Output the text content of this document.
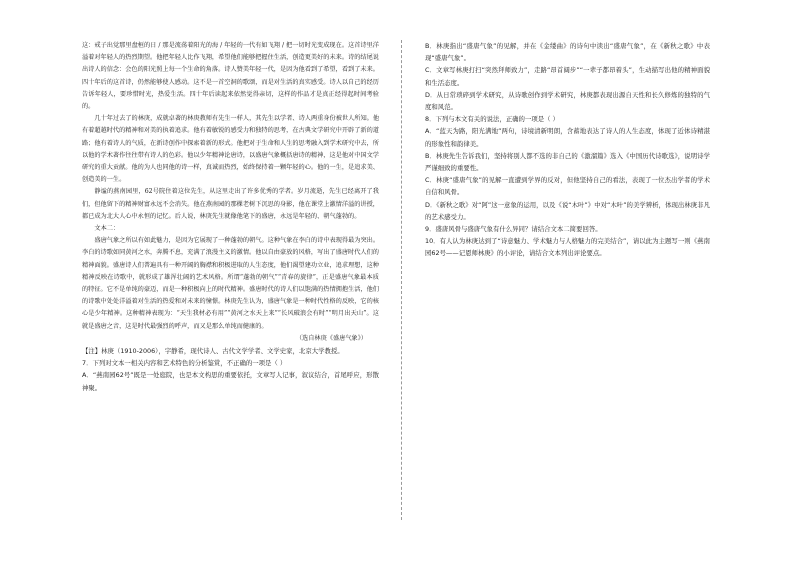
这：戒子出觉那里盘桓的日 / 那是流荡着阳光的海 / 年轻的一代有如飞翔 / 把一切时光变成现在。这首诗里洋溢着对年轻人的热烈期望。他把年轻人比作飞翔，希望他们能够把握住生活，创造更美好的未来。诗的结尾说出诗人的信念：会色的阳光照上每一个生命的角落。诗人赞美年轻一代，是因为他看到了希望，看到了未来。四十年后的这首诗，仍然能够使人感动。这不是一首空洞的歌颂，而是对生活的真实感受。诗人以自己的经历告诉年轻人，要珍惜时光，热爱生活。四十年后读起来依然觉得亲切，这样的作品才是真正经得起时间考验的。

几十年过去了的林庚，成就卓著的林庚教师有先生一样人，其先生以学者、诗人两重身份被世人所知。他有着超越时代的精神和对美的执着追求。他有着敏锐的感受力和独特的思考，在古典文学研究中开辟了新的道路；他有着诗人的气质，在新诗创作中探索着新的形式。他把对于生命和人生的思考融入到学术研究中去，所以他的学术著作往往带有诗人的色彩。他以少年精神论唐诗，以盛唐气象概括唐诗的精神，这是他对中国文学研究的重大贡献。他的为人也同他的诗一样，真诚而热烈，始终保持着一颗年轻的心。他的一生，是追求美、创造美的一生。

静谧的燕南园里，62号院住着这位先生，从这里走出了许多优秀的学者。岁月流逝，先生已经离开了我们，但他留下的精神财富永远不会消失。他在燕南园的那棵老树下沉思的身影，他在课堂上激情洋溢的讲授，都已成为北大人心中永恒的记忆。后人说，林庚先生就像他笔下的盛唐，永远是年轻的、朝气蓬勃的。

文本二：

盛唐气象之所以有如此魅力，是因为它展现了一种蓬勃的朝气。这种气象在李白的诗中表现得最为突出。李白的诗歌如同黄河之水，奔腾不息，充满了浪漫主义的激情。他以自由豪放的风格，写出了盛唐时代人们的精神面貌。盛唐诗人们普遍具有一种开阔的胸襟和积极进取的人生态度，他们渴望建功立业，追求理想，这种精神反映在诗歌中，就形成了雄浑壮阔的艺术风格。所谓“蓬勃的朝气”“青春的旋律”，正是盛唐气象最本质的特征。它不是单纯的豪迈，而是一种积极向上的时代精神。盛唐时代的诗人们以饱满的热情拥抱生活，他们的诗歌中处处洋溢着对生活的热爱和对未来的憧憬。林庚先生认为，盛唐气象是一种时代性格的反映，它的核心是少年精神。这种精神表现为：“天生我材必有用”“黄河之水天上来”“长风破浪会有时”“明月出天山”。这就是盛唐之音，这是时代最强烈的呼声，而又是那么单纯而健康的。

（选自林庚《盛唐气象》）

【注】林庚（1910-2006），字静希，现代诗人、古代文学学者、文学史家，北京大学教授。

7．下列对文本一相关内容和艺术特色的分析鉴赏，不正确的一项是（ ）

A．“燕南园62号”既是一处庭院，也是本文构思的重要依托，文章写人记事，叙议结合，首尾呼应，形散神聚。

B．林庚指出“盛唐气象”的见解，并在《金缕曲》的诗句中读出“盛唐气象”，在《新秋之歌》中表现“盛唐气象”。

C．文章写林庚打扫“突然拜师致力”，走路“昂首阔步”“一辈子都昂着头”，生动描写出他的精神面貌和生活态度。

D．从日常琐碎到学术研究，从诗歌创作到学术研究，林庚都表现出源自天性和长久修炼的独特的气度和风范。

8．下列与本文有关的说法，正确的一项是（ ）

A．“蓝天为路，阳光满地”两句，诗境清新明朗，含蓄地表达了诗人的人生态度，体现了近体诗精湛的形象性和韵律美。

B．林庚先生告诉我们，坚持将别人都不选的非自己的《激溜篇》选入《中国历代诗歌选》，说明诗学严谨细致的重要性。

C．林庚“盛唐气象”的见解一直遭到学界的反对，但他坚持自己的看法，表现了一位杰出学者的学术自信和风骨。

D．《新秋之歌》对“阿”这一意象的运用，以及《说“木叶”》中对“木叶”的美学辨析，体现出林庚非凡的艺术感受力。

9．盛唐风骨与盛唐气象有什么异同？请结合文本二简要回答。

10．有人认为林庚达到了“诗意魅力、学术魅力与人格魅力的完美结合”，请以此为主题写一则《燕南园62号——记恩师林庚》的小评论，请结合文本列出评论要点。
